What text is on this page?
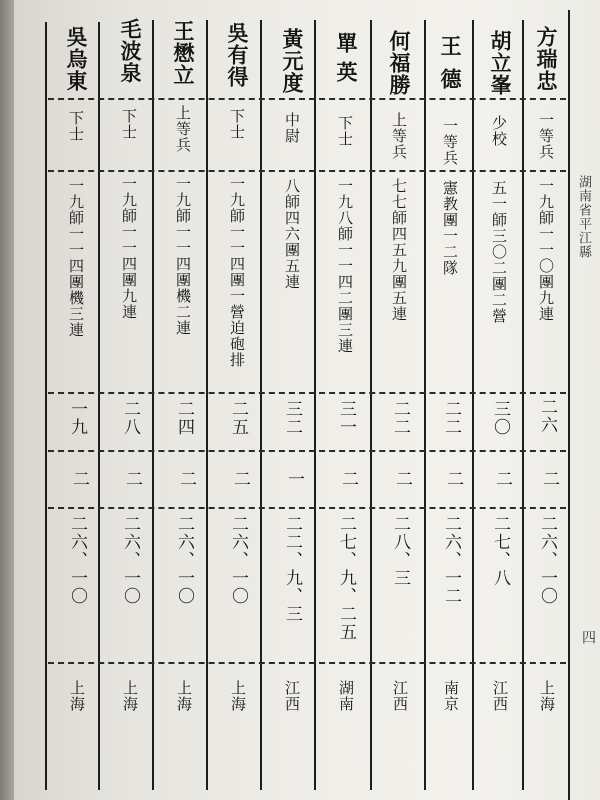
湖南省平江縣
四
方瑞忠
一等兵
一九師一一〇團九連
二六
二
二六、一〇
上海
胡立峯
少校
五一師三〇二團二營
三〇
二
二七、八
江西
王德
一等兵
憲教團一二隊
二二
二
二六、一二
南京
何福勝
上等兵
七七師四五九團五連
二二
二
二八、三
江西
單英
下士
一九八師一一四二團三連
三一
二
二七、九、二五
湖南
黃元度
中尉
八師四六團五連
三二
一
二二、九、三
江西
吳有得
下士
一九師一一四團一營迫砲排
二五
二
二六、一〇
上海
王懋立
上等兵
一九師一一四團機二連
二四
二
二六、一〇
上海
毛波泉
下士
一九師一一四團九連
二八
二
二六、一〇
上海
吳烏東
下士
一九師一一四團機三連
一九
二
二六、一〇
上海
